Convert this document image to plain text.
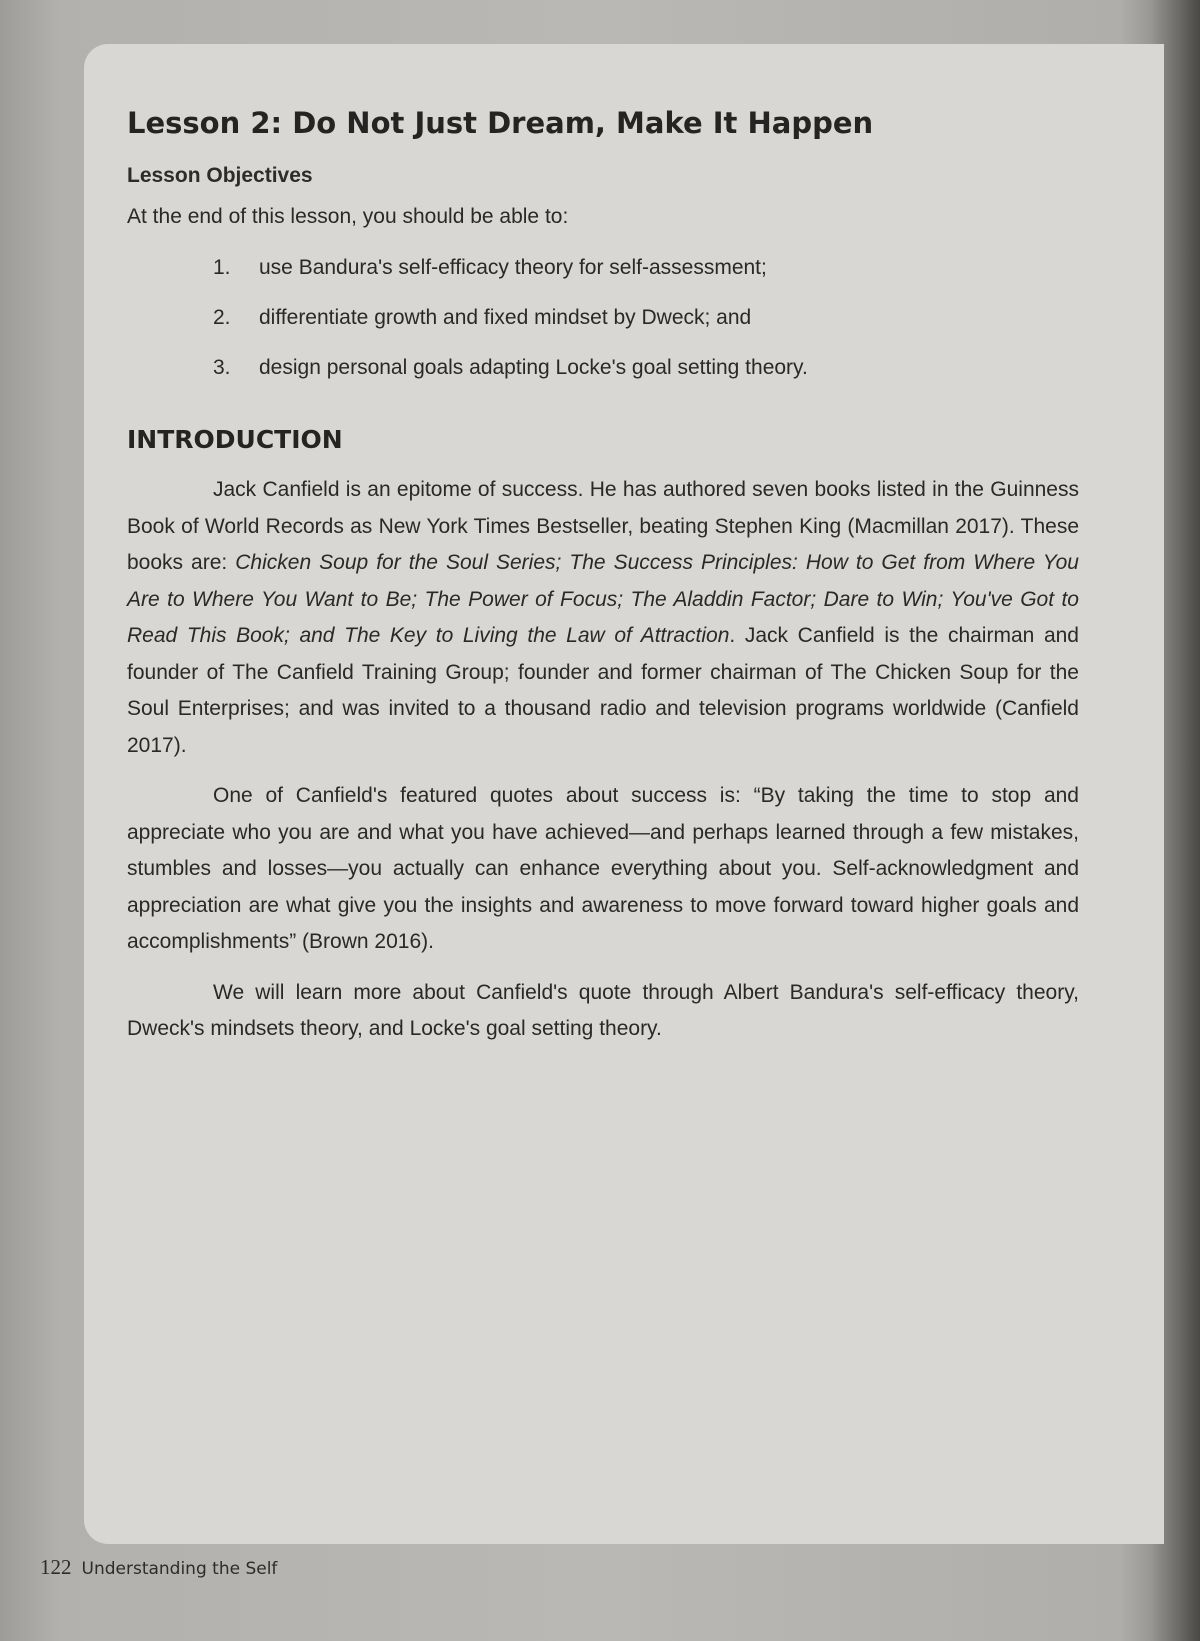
Lesson 2: Do Not Just Dream, Make It Happen
Lesson Objectives

At the end of this lesson, you should be able to:

1.	use Bandura's self-efficacy theory for self-assessment;
2.	differentiate growth and fixed mindset by Dweck; and
3.	design personal goals adapting Locke's goal setting theory.
INTRODUCTION

Jack Canfield is an epitome of success. He has authored seven books listed in the Guinness Book of World Records as New York Times Bestseller, beating Stephen King (Macmillan 2017). These books are: Chicken Soup for the Soul Series; The Success Principles: How to Get from Where You Are to Where You Want to Be; The Power of Focus; The Aladdin Factor; Dare to Win; You've Got to Read This Book; and The Key to Living the Law of Attraction. Jack Canfield is the chairman and founder of The Canfield Training Group; founder and former chairman of The Chicken Soup for the Soul Enterprises; and was invited to a thousand radio and television programs worldwide (Canfield 2017).

One of Canfield's featured quotes about success is: “By taking the time to stop and appreciate who you are and what you have achieved—and perhaps learned through a few mistakes, stumbles and losses—you actually can enhance everything about you. Self-acknowledgment and appreciation are what give you the insights and awareness to move forward toward higher goals and accomplishments” (Brown 2016).

We will learn more about Canfield's quote through Albert Bandura's self-efficacy theory, Dweck's mindsets theory, and Locke's goal setting theory.

122 Understanding the Self
